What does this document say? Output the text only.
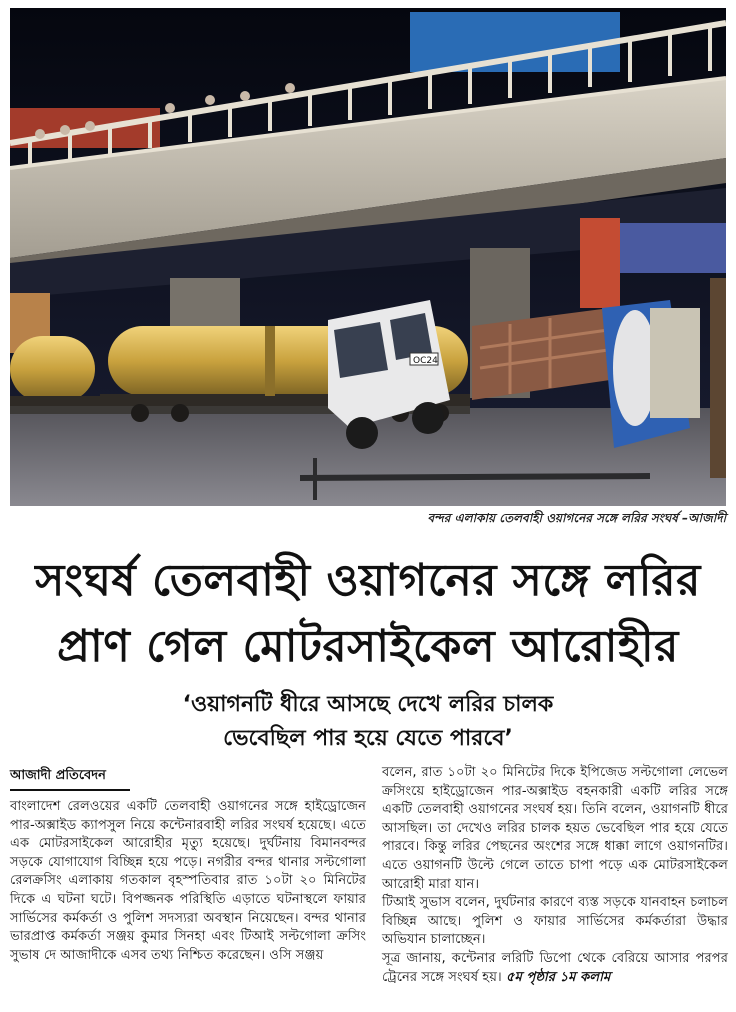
OC24
বন্দর এলাকায় তেলবাহী ওয়াগনের সঙ্গে লরির সংঘর্ষ –আজাদী
সংঘর্ষ তেলবাহী ওয়াগনের সঙ্গে লরির
প্রাণ গেল মোটরসাইকেল আরোহীর
‘ওয়াগনটি ধীরে আসছে দেখে লরির চালক
ভেবেছিল পার হয়ে যেতে পারবে’
আজাদী প্রতিবেদন

বাংলাদেশ রেলওয়ের একটি তেলবাহী ওয়াগনের সঙ্গে হাইড্রোজেন পার-অক্সাইড ক্যাপসুল নিয়ে কন্টেনারবাহী লরির সংঘর্ষ হয়েছে। এতে এক মোটরসাইকেল আরোহীর মৃত্যু হয়েছে। দুর্ঘটনায় বিমানবন্দর সড়কে যোগাযোগ বিচ্ছিন্ন হয়ে পড়ে। নগরীর বন্দর থানার সল্টগোলা রেলক্রসিং এলাকায় গতকাল বৃহস্পতিবার রাত ১০টা ২০ মিনিটের দিকে এ ঘটনা ঘটে। বিপজ্জনক পরিস্থিতি এড়াতে ঘটনাস্থলে ফায়ার সার্ভিসের কর্মকর্তা ও পুলিশ সদস্যরা অবস্থান নিয়েছেন। বন্দর থানার ভারপ্রাপ্ত কর্মকর্তা সঞ্জয় কুমার সিনহা এবং টিআই সল্টগোলা ক্রসিং সুভাষ দে আজাদীকে এসব তথ্য নিশ্চিত করেছেন। ওসি সঞ্জয়

বলেন, রাত ১০টা ২০ মিনিটের দিকে ইপিজেড সল্টগোলা লেভেল ক্রসিংয়ে হাইড্রোজেন পার-অক্সাইড বহনকারী একটি লরির সঙ্গে একটি তেলবাহী ওয়াগনের সংঘর্ষ হয়। তিনি বলেন, ওয়াগনটি ধীরে আসছিল। তা দেখেও লরির চালক হয়ত ভেবেছিল পার হয়ে যেতে পারবে। কিন্তু লরির পেছনের অংশের সঙ্গে ধাক্কা লাগে ওয়াগনটির। এতে ওয়াগনটি উল্টে গেলে তাতে চাপা পড়ে এক মোটরসাইকেল আরোহী মারা যান।

টিআই সুভাস বলেন, দুর্ঘটনার কারণে ব্যস্ত সড়কে যানবাহন চলাচল বিচ্ছিন্ন আছে। পুলিশ ও ফায়ার সার্ভিসের কর্মকর্তারা উদ্ধার অভিযান চালাচ্ছেন।

সূত্র জানায়, কন্টেনার লরিটি ডিপো থেকে বেরিয়ে আসার পরপর ট্রেনের সঙ্গে সংঘর্ষ হয়। ৫ম পৃষ্ঠার ১ম কলাম
